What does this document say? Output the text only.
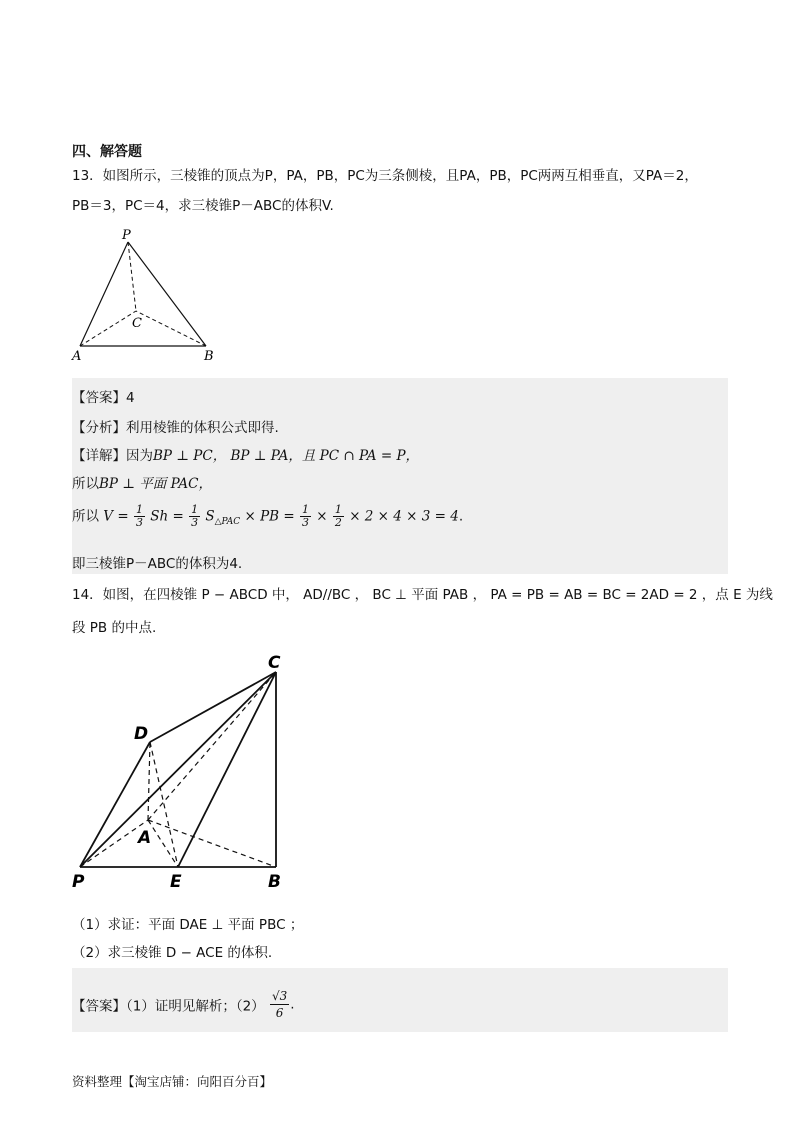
四、解答题
13．如图所示，三棱锥的顶点为P，PA，PB，PC为三条侧棱，且PA，PB，PC两两互相垂直，又PA＝2，
PB＝3，PC＝4，求三棱锥P－ABC的体积V.
P
A	B
C
【答案】4
【分析】利用棱锥的体积公式即得.
【详解】因为BP ⊥ PC， BP ⊥ PA，且 PC ∩ PA = P，
所以BP ⊥ 平面 PAC，
所以 $V = \frac{1}{3}$ $Sh = \frac{1}{3} S_{\triangle PAC}$ × PB = $\frac{1}{3} \times \frac{1}{2} \times 2 \times 4 \times 3 = 4$.
即三棱锥P－ABC的体积为4.
14．如图，在四棱锥 P − ABCD 中， AD//BC ， BC ⊥ 平面 PAB ， PA = PB = AB = BC = 2AD = 2 ，点 E 为线
段 PB 的中点.
C
D
A
P	E	B
（1）求证：平面 DAE ⊥ 平面 PBC ；
（2）求三棱锥 D − ACE 的体积.
【答案】（1）证明见解析；$(2) \frac{√3}{6}$ .
资料整理【淘宝店铺：向阳百分百】
